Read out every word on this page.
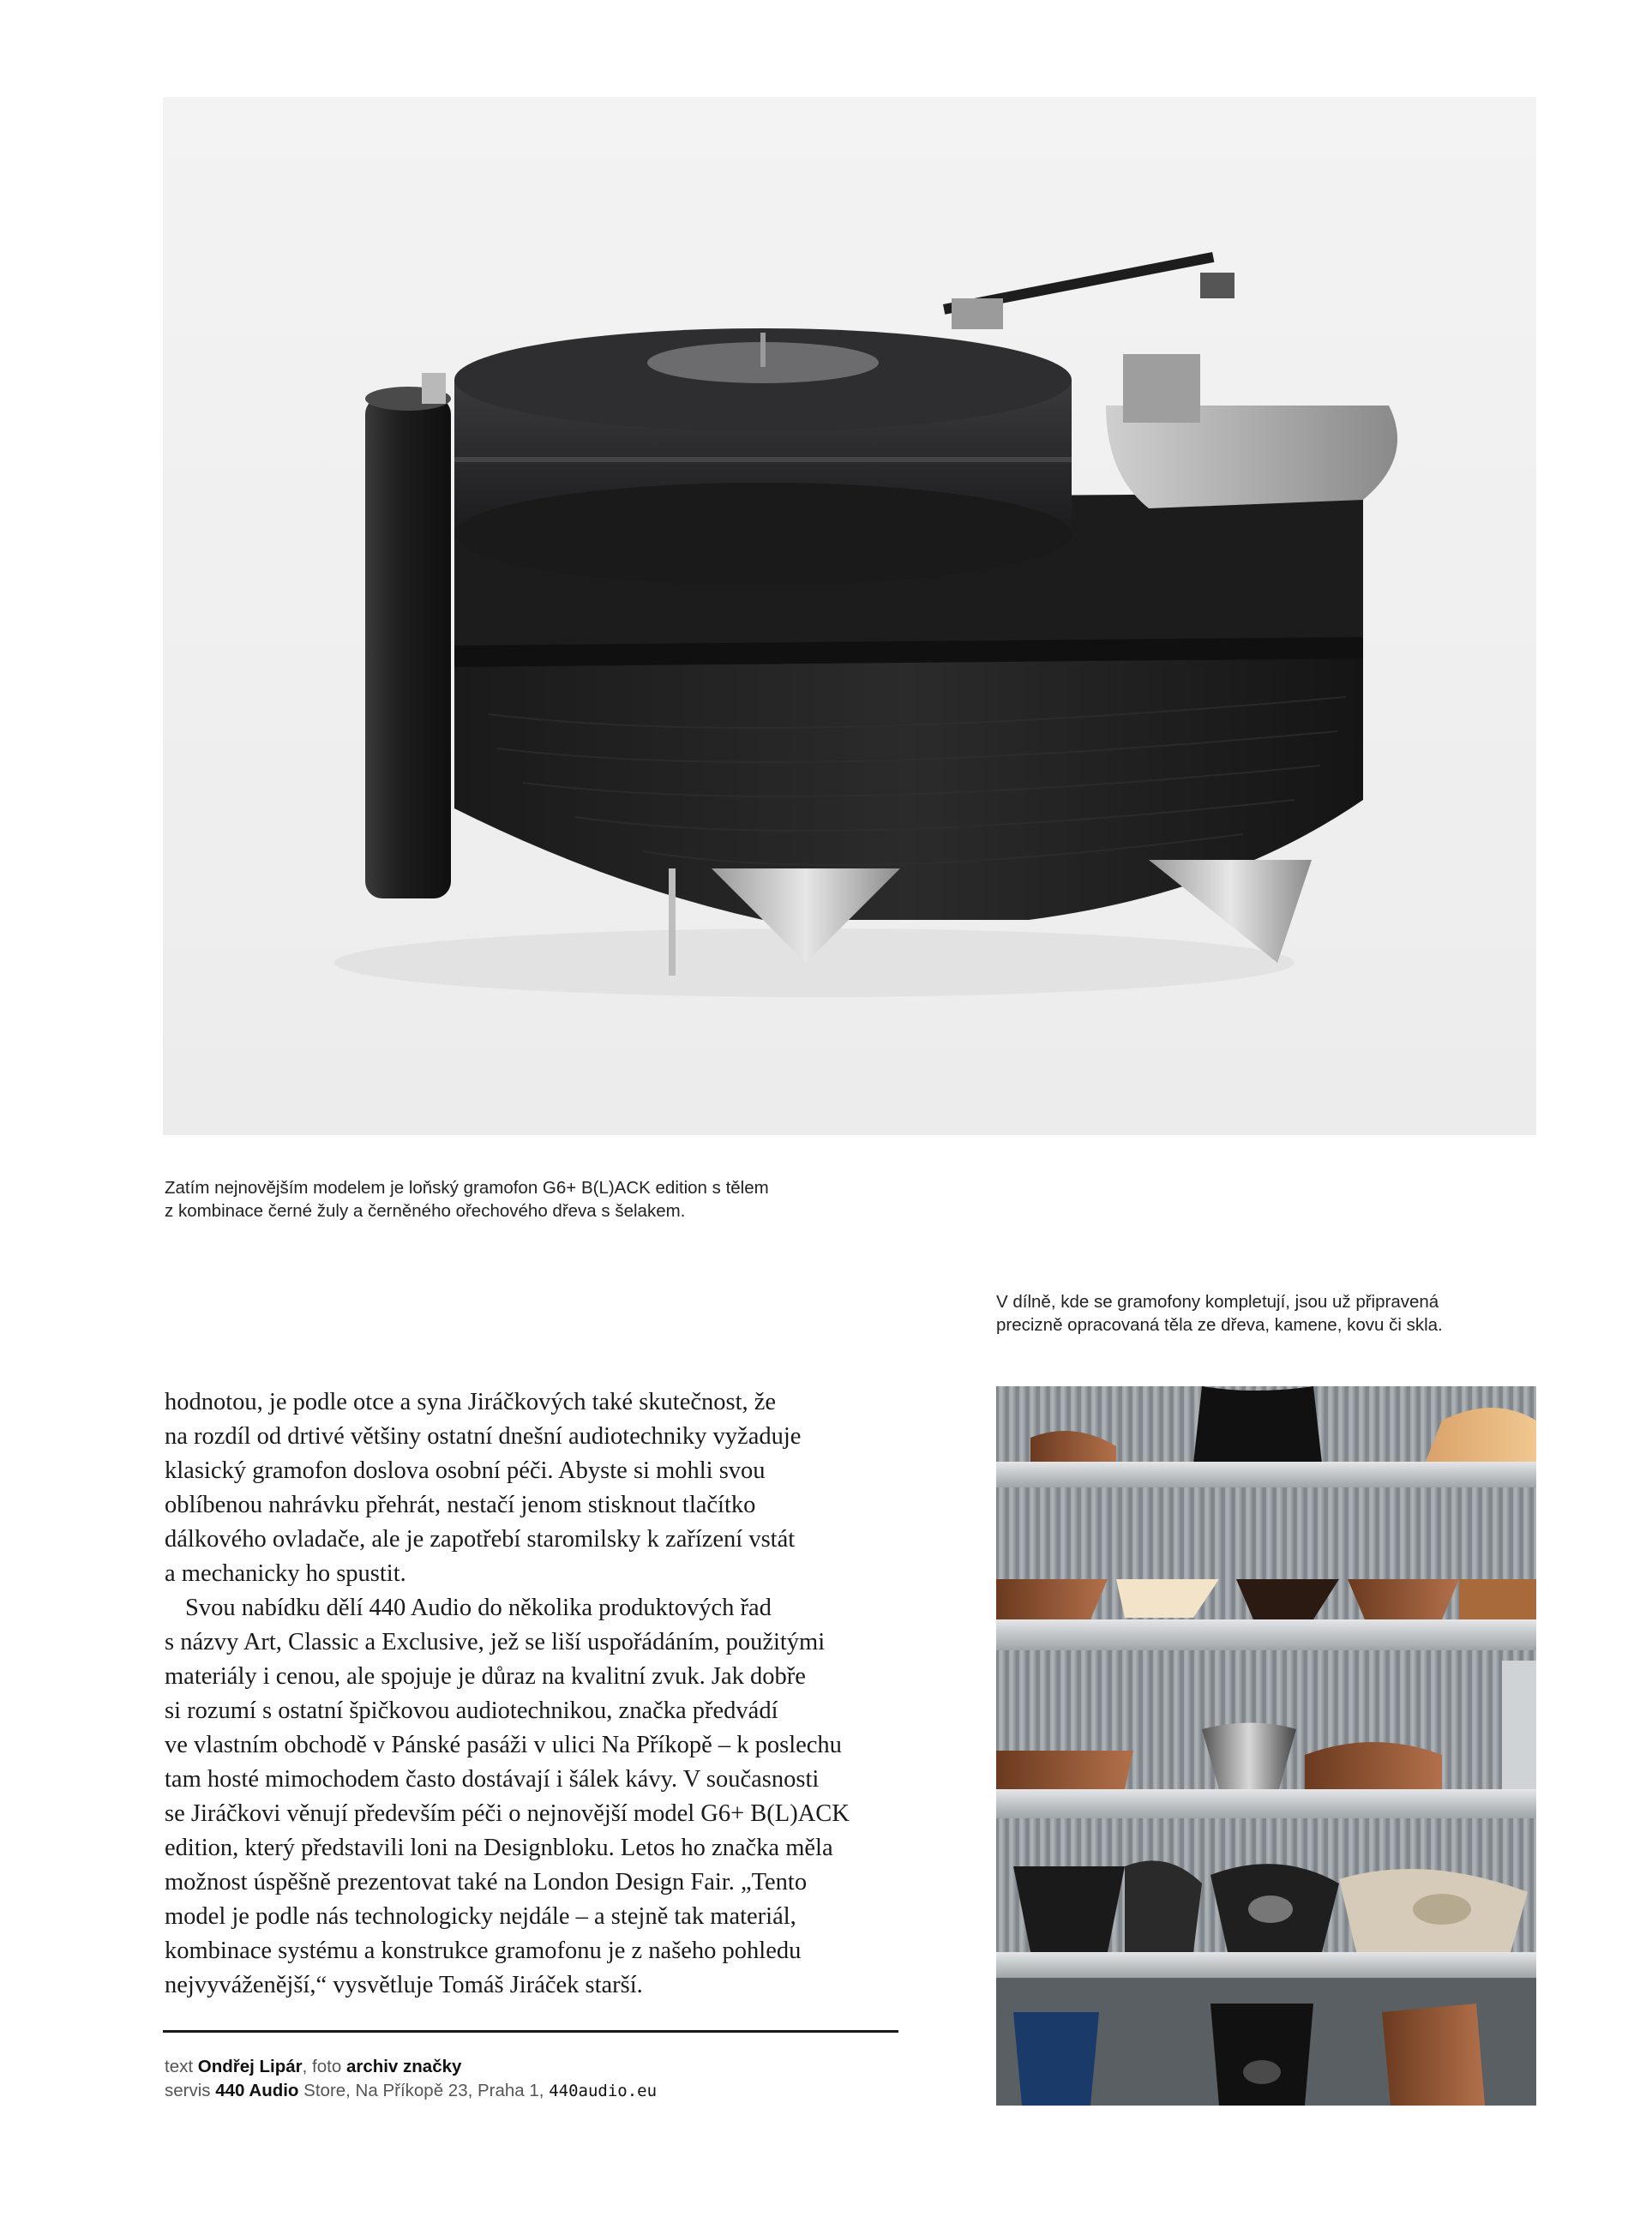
Zatím nejnovějším modelem je loňský gramofon G6+ B(L)ACK edition s tělem
z kombinace černé žuly a černěného ořechového dřeva s šelakem.
V dílně, kde se gramofony kompletují, jsou už připravená
precizně opracovaná těla ze dřeva, kamene, kovu či skla.
hodnotou, je podle otce a syna Jiráčkových také skutečnost, že
na rozdíl od drtivé většiny ostatní dnešní audiotechniky vyžaduje
klasický gramofon doslova osobní péči. Abyste si mohli svou
oblíbenou nahrávku přehrát, nestačí jenom stisknout tlačítko
dálkového ovladače, ale je zapotřebí staromilsky k zařízení vstát
a mechanicky ho spustit.
Svou nabídku dělí 440 Audio do několika produktových řad
s názvy Art, Classic a Exclusive, jež se liší uspořádáním, použitými
materiály i cenou, ale spojuje je důraz na kvalitní zvuk. Jak dobře
si rozumí s ostatní špičkovou audiotechnikou, značka předvádí
ve vlastním obchodě v Pánské pasáži v ulici Na Příkopě – k poslechu
tam hosté mimochodem často dostávají i šálek kávy. V současnosti
se Jiráčkovi věnují především péči o nejnovější model G6+ B(L)ACK
edition, který představili loni na Designbloku. Letos ho značka měla
možnost úspěšně prezentovat také na London Design Fair. „Tento
model je podle nás technologicky nejdále – a stejně tak materiál,
kombinace systému a konstrukce gramofonu je z našeho pohledu
nejvyváženější,“ vysvětluje Tomáš Jiráček starší.
text Ondřej Lipár, foto archiv značky
servis 440 Audio Store, Na Příkopě 23, Praha 1, 440audio.eu
